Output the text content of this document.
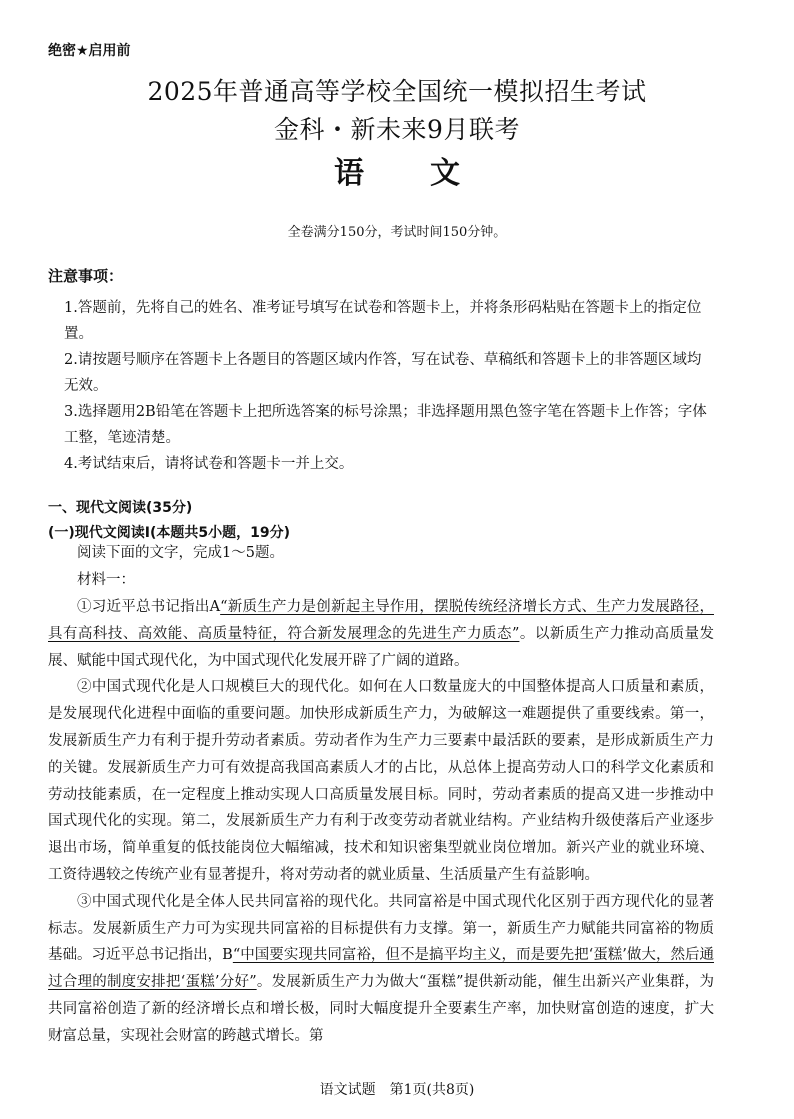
绝密★启用前
2025年普通高等学校全国统一模拟招生考试
金科・新未来9月联考
语 文
全卷满分150分，考试时间150分钟。
注意事项：
1.答题前，先将自己的姓名、准考证号填写在试卷和答题卡上，并将条形码粘贴在答题卡上的指定位置。
2.请按题号顺序在答题卡上各题目的答题区域内作答，写在试卷、草稿纸和答题卡上的非答题区域均无效。
3.选择题用2B铅笔在答题卡上把所选答案的标号涂黑；非选择题用黑色签字笔在答题卡上作答；字体工整，笔迹清楚。
4.考试结束后，请将试卷和答题卡一并上交。
一、现代文阅读(35分)
(一)现代文阅读Ⅰ(本题共5小题，19分)

阅读下面的文字，完成1～5题。

材料一：

①习近平总书记指出A“新质生产力是创新起主导作用，摆脱传统经济增长方式、生产力发展路径，具有高科技、高效能、高质量特征，符合新发展理念的先进生产力质态”。以新质生产力推动高质量发展、赋能中国式现代化，为中国式现代化发展开辟了广阔的道路。

②中国式现代化是人口规模巨大的现代化。如何在人口数量庞大的中国整体提高人口质量和素质，是发展现代化进程中面临的重要问题。加快形成新质生产力，为破解这一难题提供了重要线索。第一，发展新质生产力有利于提升劳动者素质。劳动者作为生产力三要素中最活跃的要素，是形成新质生产力的关键。发展新质生产力可有效提高我国高素质人才的占比，从总体上提高劳动人口的科学文化素质和劳动技能素质，在一定程度上推动实现人口高质量发展目标。同时，劳动者素质的提高又进一步推动中国式现代化的实现。第二，发展新质生产力有利于改变劳动者就业结构。产业结构升级使落后产业逐步退出市场，简单重复的低技能岗位大幅缩减，技术和知识密集型就业岗位增加。新兴产业的就业环境、工资待遇较之传统产业有显著提升，将对劳动者的就业质量、生活质量产生有益影响。

③中国式现代化是全体人民共同富裕的现代化。共同富裕是中国式现代化区别于西方现代化的显著标志。发展新质生产力可为实现共同富裕的目标提供有力支撑。第一，新质生产力赋能共同富裕的物质基础。习近平总书记指出，B“中国要实现共同富裕，但不是搞平均主义，而是要先把‘蛋糕’做大，然后通过合理的制度安排把‘蛋糕’分好”。发展新质生产力为做大“蛋糕”提供新动能，催生出新兴产业集群，为共同富裕创造了新的经济增长点和增长极，同时大幅度提升全要素生产率，加快财富创造的速度，扩大财富总量，实现社会财富的跨越式增长。第

语文试题　第1页(共8页)
